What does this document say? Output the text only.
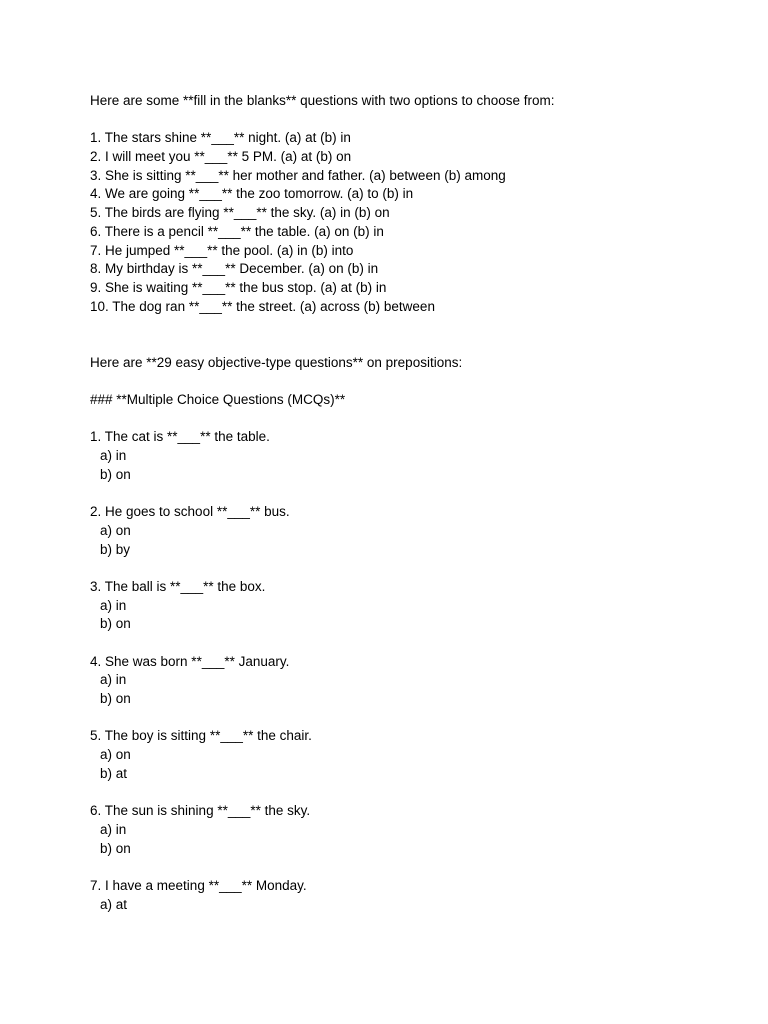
Here are some **fill in the blanks** questions with two options to choose from:
1. The stars shine **___** night. (a) at (b) in
2. I will meet you **___** 5 PM. (a) at (b) on
3. She is sitting **___** her mother and father. (a) between (b) among
4. We are going **___** the zoo tomorrow. (a) to (b) in
5. The birds are flying **___** the sky. (a) in (b) on
6. There is a pencil **___** the table. (a) on (b) in
7. He jumped **___** the pool. (a) in (b) into
8. My birthday is **___** December. (a) on (b) in
9. She is waiting **___** the bus stop. (a) at (b) in
10. The dog ran **___** the street. (a) across (b) between
Here are **29 easy objective-type questions** on prepositions:
### **Multiple Choice Questions (MCQs)**
1. The cat is **___** the table.
a) in
b) on
2. He goes to school **___** bus.
a) on
b) by
3. The ball is **___** the box.
a) in
b) on
4. She was born **___** January.
a) in
b) on
5. The boy is sitting **___** the chair.
a) on
b) at
6. The sun is shining **___** the sky.
a) in
b) on
7. I have a meeting **___** Monday.
a) at
